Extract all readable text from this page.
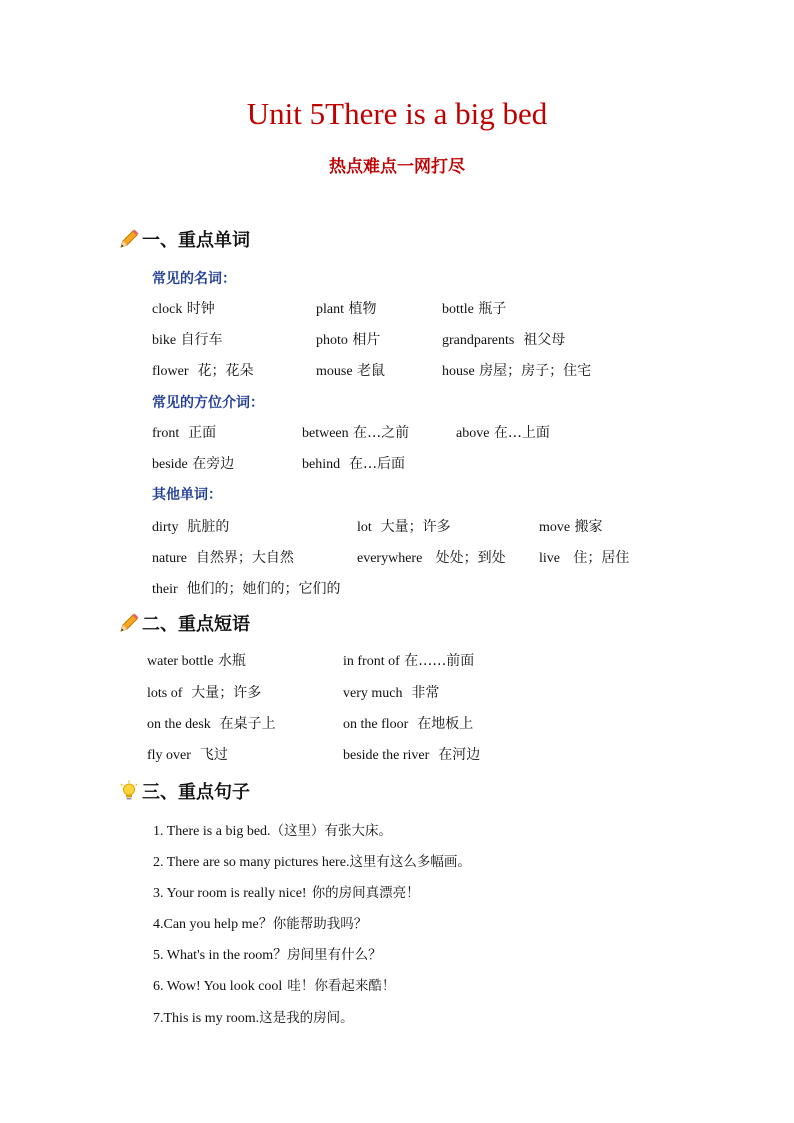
Unit 5There is a big bed
热点难点一网打尽
一、重点单词
常见的名词：
clock 时钟	plant 植物	bottle 瓶子
bike 自行车	photo 相片	grandparents 祖父母
flower 花；花朵	mouse 老鼠	house 房屋；房子；住宅
常见的方位介词：
front 正面	between 在…之前	above 在…上面
beside 在旁边	behind 在…后面
其他单词：
dirty 肮脏的	lot 大量；许多	move 搬家
nature 自然界；大自然	everywhere 处处；到处 live 住；居住
their 他们的；她们的；它们的
二、重点短语
water bottle 水瓶	in front of 在……前面
lots of 大量；许多	very much 非常
on the desk 在桌子上	on the floor 在地板上
fly over 飞过	beside the river 在河边
三、重点句子
1. There is a big bed.（这里）有张大床。
2. There are so many pictures here.这里有这么多幅画。
3. Your room is really nice! 你的房间真漂亮！
4.Can you help me？你能帮助我吗？
5. What's in the room？房间里有什么？
6. Wow! You look cool 哇！你看起来酷！
7.This is my room.这是我的房间。
